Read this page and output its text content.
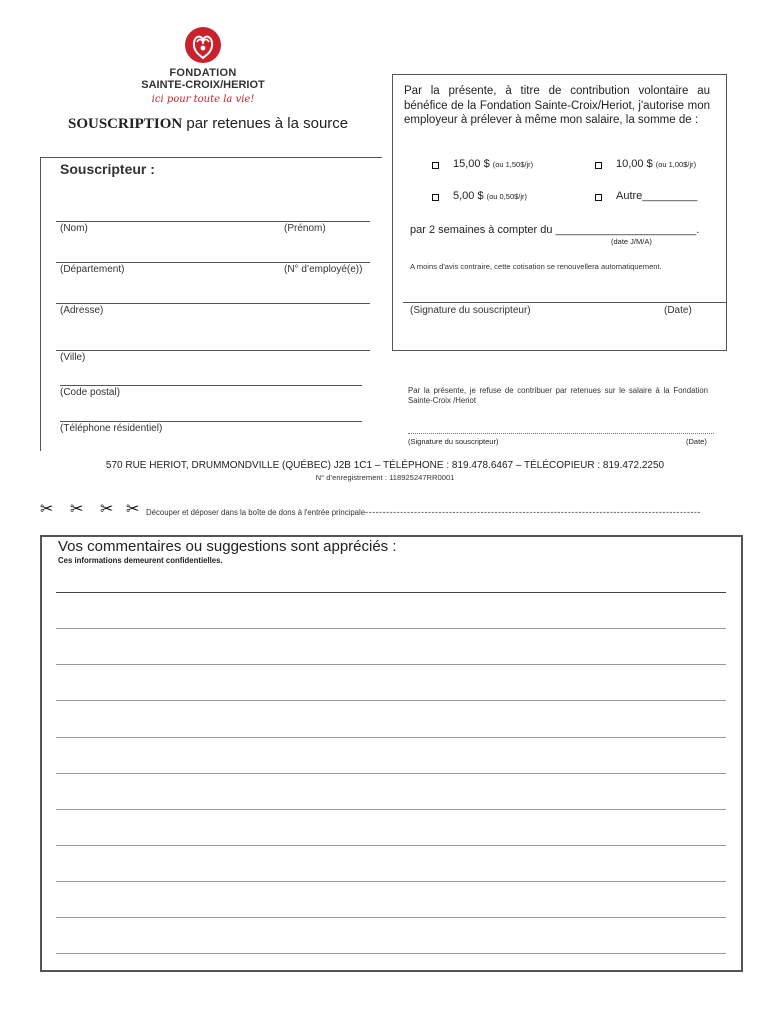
FONDATION
SAINTE-CROIX/HERIOT
ici pour toute la vie!
SOUSCRIPTION par retenues à la source
Souscripteur :
(Nom)	(Prénom)
(Département)	(N° d’employé(e))
(Adresse)
(Ville)
(Code postal)
(Téléphone résidentiel)
Par la présente, à titre de contribution volontaire au bénéfice de la Fondation Sainte-Croix/Heriot, j'autorise mon employeur à prélever à même mon salaire, la somme de :
15,00 $ (ou 1,50$/jr)	10,00 $ (ou 1,00$/jr)
5,00 $ (ou 0,50$/jr)	Autre_________
par 2 semaines à compter du _______________________.
(date J/M/A)
A moins d'avis contraire, cette cotisation se renouvellera automatiquement.
(Signature du souscripteur)	(Date)
Par la présente, je refuse de contribuer par retenues sur le salaire à la Fondation Sainte-Croix /Heriot
(Signature du souscripteur)	(Date)
570 RUE HERIOT, DRUMMONDVILLE (QUÉBEC) J2B 1C1 – TÉLÉPHONE : 819.478.6467 – TÉLÉCOPIEUR : 819.472.2250
N° d’enregistrement : 118925247RR0001
✂ ✂ ✂ ✂ Découper et déposer dans la boîte de dons à l'entrée principale------------------------------------------------------------------------------------------------
Vos commentaires ou suggestions sont appréciés :
Ces informations demeurent confidentielles.
